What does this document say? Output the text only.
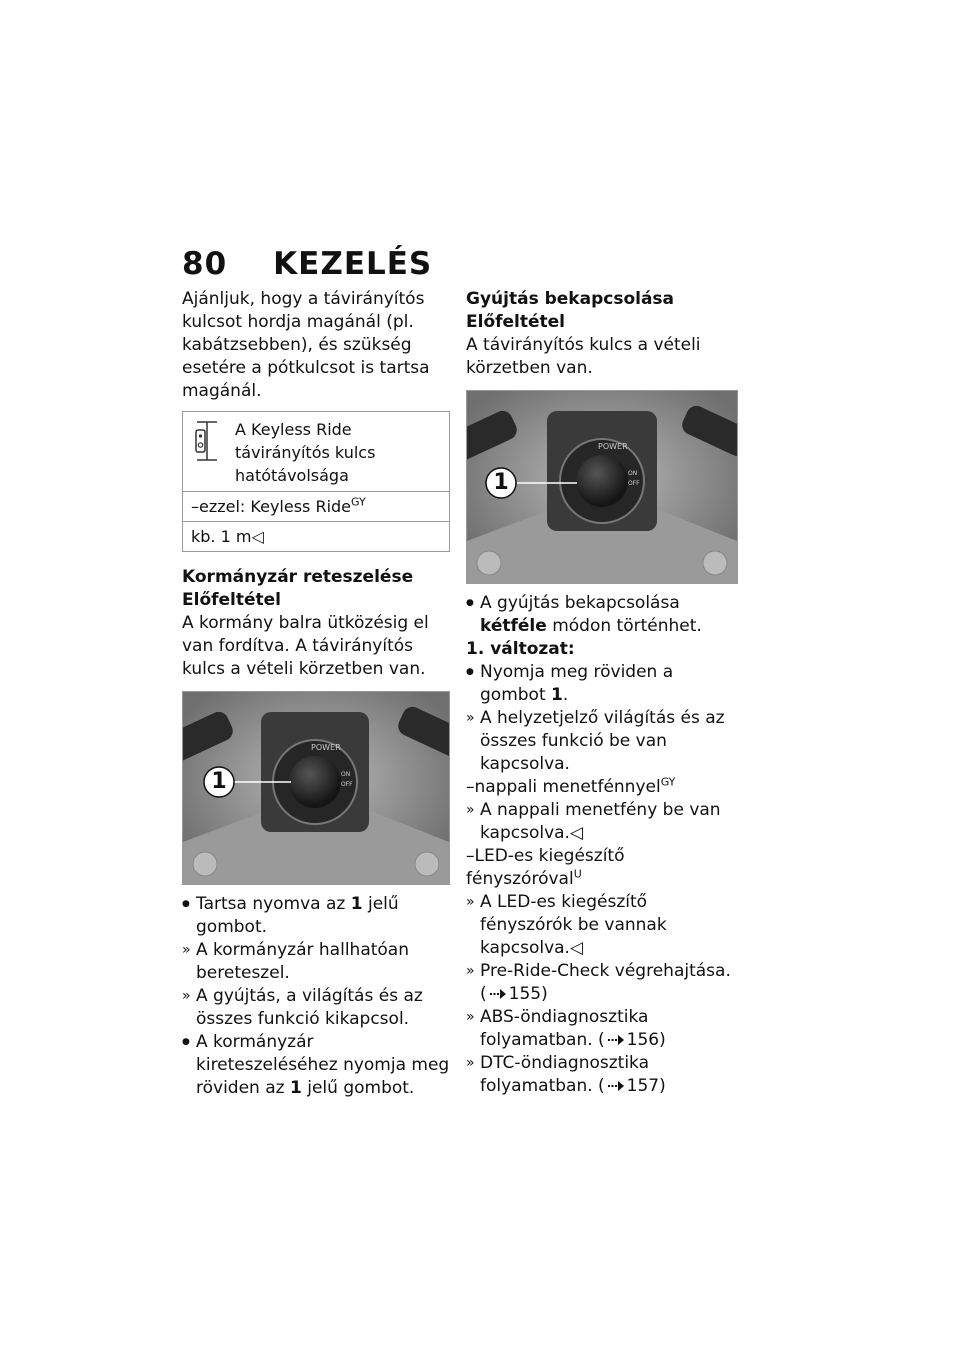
80 KEZELÉS

Ajánljuk, hogy a távirányítós kulcsot hordja magánál (pl. kabátzsebben), és szükség esetére a pótkulcsot is tartsa magánál.

A Keyless Ride távirányítós kulcs hatótávolsága
–ezzel: Keyless Ride$^{GY}$
kb. 1 m◁

Kormányzár reteszelése

Előfeltétel

A kormány balra ütközésig el van fordítva. A távirányítós kulcs a vételi körzetben van.

POWER
ON
OFF
1
●
Tartsa nyomva az 1 jelű gombot.
»
A kormányzár hallhatóan bereteszel.
»
A gyújtás, a világítás és az összes funkció kikapcsol.
●
A kormányzár kireteszeléséhez nyomja meg röviden az 1 jelű gombot.

Gyújtás bekapcsolása

Előfeltétel

A távirányítós kulcs a vételi körzetben van.

POWER
ON
OFF
1
●
A gyújtás bekapcsolása kétféle módon történhet.

1. változat:

●
Nyomja meg röviden a gombot 1.
»
A helyzetjelző világítás és az összes funkció be van kapcsolva.

–nappali menetfénnyel$^{GY}$

»
A nappali menetfény be van kapcsolva.◁

–LED-es kiegészítő fényszóróval$^U$

»
A LED-es kiegészítő fényszórók be vannak kapcsolva.◁
»
Pre-Ride-Check végrehajtása.
( 155)
»
ABS-öndiagnosztika folyamatban. ( 156)
»
DTC-öndiagnosztika folyamatban. ( 157)
